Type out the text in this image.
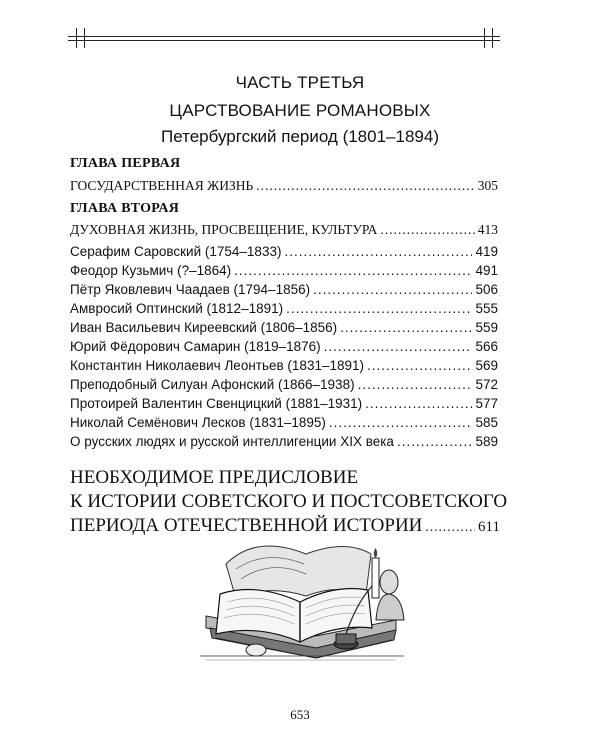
ЧАСТЬ ТРЕТЬЯ
ЦАРСТВОВАНИЕ РОМАНОВЫХ
Петербургский период (1801–1894)
ГЛАВА ПЕРВАЯ
ГОСУДАРСТВЕННАЯ ЖИЗНЬ .....	305
ГЛАВА ВТОРАЯ
ДУХОВНАЯ ЖИЗНЬ, ПРОСВЕЩЕНИЕ, КУЛЬТУРА .....	413
Серафим Саровский (1754–1833) .....	419
Феодор Кузьмич (?–1864) .....	491
Пётр Яковлевич Чаадаев (1794–1856) .....	506
Амвросий Оптинский (1812–1891) .....	555
Иван Васильевич Киреевский (1806–1856) .....	559
Юрий Фёдорович Самарин (1819–1876) .....	566
Константин Николаевич Леонтьев (1831–1891) .....	569
Преподобный Силуан Афонский (1866–1938) .....	572
Протоирей Валентин Свенцицкий (1881–1931) .....	577
Николай Семёнович Лесков (1831–1895) .....	585
О русских людях и русской интеллигенции XIX века .....	589
НЕОБХОДИМОЕ ПРЕДИСЛОВИЕ
К ИСТОРИИ СОВЕТСКОГО И ПОСТСОВЕТСКОГО
ПЕРИОДА ОТЕЧЕСТВЕННОЙ ИСТОРИИ .....	611
653
